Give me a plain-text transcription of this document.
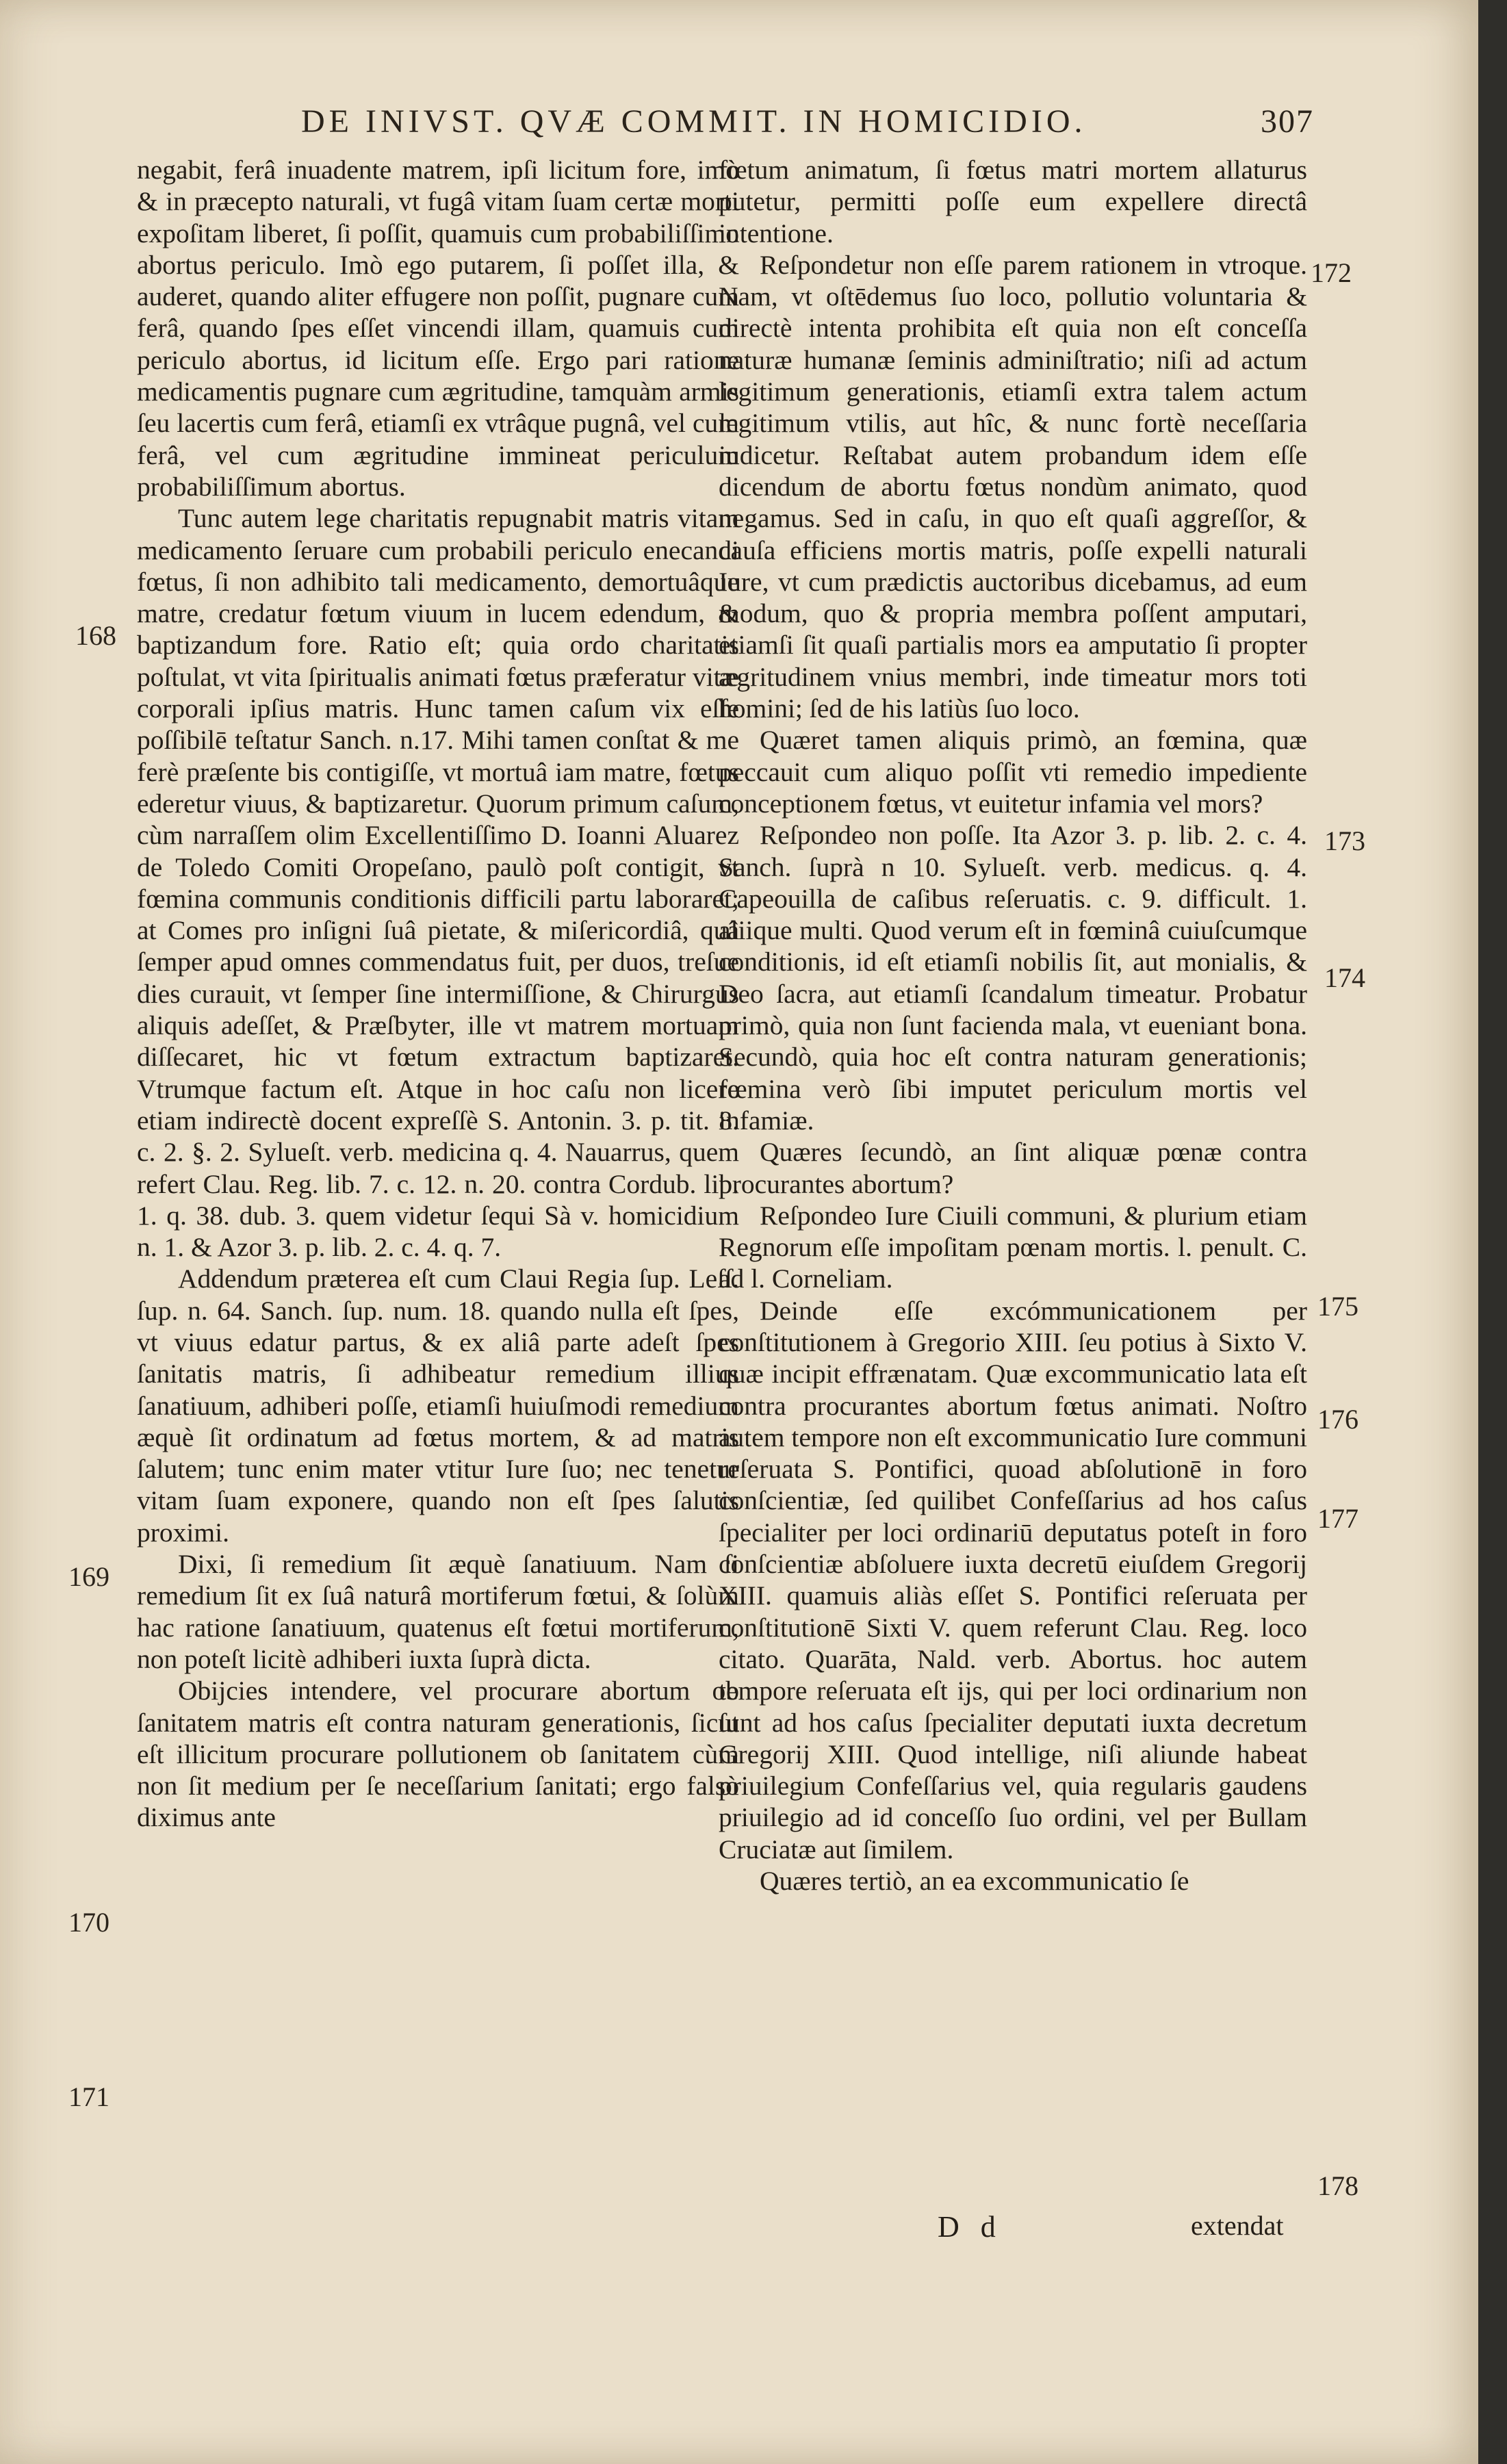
DE INIVST. QVÆ COMMIT. IN HOMICIDIO.	307

negabit, ferâ inuadente matrem, ipſi licitum fore, imò & in præcepto naturali, vt fugâ vitam ſuam certæ morti expoſitam liberet, ſi poſſit, quamuis cum probabiliſſimo abortus periculo. Imò ego putarem, ſi poſſet illa, & auderet, quando aliter effugere non poſſit, pugnare cum ferâ, quando ſpes eſſet vincendi illam, quamuis cum periculo abortus, id licitum eſſe. Ergo pari ratione medicamentis pugnare cum ægritudine, tamquàm armis ſeu lacertis cum ferâ, etiamſi ex vtrâque pugnâ, vel cum ferâ, vel cum ægritudine immineat periculum probabiliſſimum abortus.

Tunc autem lege charitatis repugnabit matris vitam medicamento ſeruare cum probabili periculo enecandi fœtus, ſi non adhibito tali medicamento, demortuâque matre, credatur fœtum viuum in lucem edendum, & baptizandum fore. Ratio eſt; quia ordo charitatis poſtulat, vt vita ſpiritualis animati fœtus præferatur vitæ corporali ipſius matris. Hunc tamen caſum vix eſſe poſſibilē teſtatur Sanch. n.17. Mihi tamen conſtat & me ferè præſente bis contigiſſe, vt mortuâ iam matre, fœtus ederetur viuus, & baptizaretur. Quorum primum caſum, cùm narraſſem olim Excellentiſſimo D. Ioanni Aluarez de Toledo Comiti Oropeſano, paulò poſt contigit, vt fœmina communis conditionis difficili partu laboraret; at Comes pro inſigni ſuâ pietate, & miſericordiâ, quâ ſemper apud omnes commendatus fuit, per duos, treſue dies curauit, vt ſemper ſine intermiſſione, & Chirurgus aliquis adeſſet, & Præſbyter, ille vt matrem mortuam diſſecaret, hic vt fœtum extractum baptizaret. Vtrumque factum eſt. Atque in hoc caſu non licere etiam indirectè docent expreſſè S. Antonin. 3. p. tit. 8. c. 2. §. 2. Sylueſt. verb. medicina q. 4. Nauarrus, quem refert Clau. Reg. lib. 7. c. 12. n. 20. contra Cordub. lib. 1. q. 38. dub. 3. quem videtur ſequi Sà v. homicidium n. 1. & Azor 3. p. lib. 2. c. 4. q. 7.

Addendum præterea eſt cum Claui Regia ſup. Leſſ. ſup. n. 64. Sanch. ſup. num. 18. quando nulla eſt ſpes, vt viuus edatur partus, & ex aliâ parte adeſt ſpes ſanitatis matris, ſi adhibeatur remedium illius ſanatiuum, adhiberi poſſe, etiamſi huiuſmodi remedium æquè ſit ordinatum ad fœtus mortem, & ad matris ſalutem; tunc enim mater vtitur Iure ſuo; nec tenetur vitam ſuam exponere, quando non eſt ſpes ſalutis proximi.

Dixi, ſi remedium ſit æquè ſanatiuum. Nam ſi remedium ſit ex ſuâ naturâ mortiferum fœtui, & ſolùm hac ratione ſanatiuum, quatenus eſt fœtui mortiferum, non poteſt licitè adhiberi iuxta ſuprà dicta.

Obijcies intendere, vel procurare abortum ob ſanitatem matris eſt contra naturam generationis, ſicut eſt illicitum procurare pollutionem ob ſanitatem cùm non ſit medium per ſe neceſſarium ſanitati; ergo falsò diximus ante

fœtum animatum, ſi fœtus matri mortem allaturus putetur, permitti poſſe eum expellere directâ intentione.

Reſpondetur non eſſe parem rationem in vtroque. Nam, vt oſtēdemus ſuo loco, pollutio voluntaria & directè intenta prohibita eſt quia non eſt conceſſa naturæ humanæ ſeminis adminiſtratio; niſi ad actum legitimum generationis, etiamſi extra talem actum legitimum vtilis, aut hîc, & nunc fortè neceſſaria iudicetur. Reſtabat autem probandum idem eſſe dicendum de abortu fœtus nondùm animato, quod negamus. Sed in caſu, in quo eſt quaſi aggreſſor, & cauſa efficiens mortis matris, poſſe expelli naturali Iure, vt cum prædictis auctoribus dicebamus, ad eum modum, quo & propria membra poſſent amputari, etiamſi ſit quaſi partialis mors ea amputatio ſi propter ægritudinem vnius membri, inde timeatur mors toti homini; ſed de his latiùs ſuo loco.

Quæret tamen aliquis primò, an fœmina, quæ peccauit cum aliquo poſſit vti remedio impediente conceptionem fœtus, vt euitetur infamia vel mors?

Reſpondeo non poſſe. Ita Azor 3. p. lib. 2. c. 4. Sanch. ſuprà n 10. Sylueſt. verb. medicus. q. 4. Capeouilla de caſibus reſeruatis. c. 9. difficult. 1. aliique multi. Quod verum eſt in fœminâ cuiuſcumque conditionis, id eſt etiamſi nobilis ſit, aut monialis, & Deo ſacra, aut etiamſi ſcandalum timeatur. Probatur primò, quia non ſunt facienda mala, vt eueniant bona. Secundò, quia hoc eſt contra naturam generationis; fœmina verò ſibi imputet periculum mortis vel infamiæ.

Quæres ſecundò, an ſint aliquæ pœnæ contra procurantes abortum?

Reſpondeo Iure Ciuili communi, & plurium etiam Regnorum eſſe impoſitam pœnam mortis. l. penult. C. ad l. Corneliam.

Deinde eſſe excómmunicationem per conſtitutionem à Gregorio XIII. ſeu potius à Sixto V. quæ incipit effrænatam. Quæ excommunicatio lata eſt contra procurantes abortum fœtus animati. Noſtro autem tempore non eſt excommunicatio Iure communi reſeruata S. Pontifici, quoad abſolutionē in foro conſcientiæ, ſed quilibet Confeſſarius ad hos caſus ſpecialiter per loci ordinariū deputatus poteſt in foro conſcientiæ abſoluere iuxta decretū eiuſdem Gregorij XIII. quamuis aliàs eſſet S. Pontifici reſeruata per conſtitutionē Sixti V. quem referunt Clau. Reg. loco citato. Quarāta, Nald. verb. Abortus. hoc autem tempore reſeruata eſt ijs, qui per loci ordinarium non ſunt ad hos caſus ſpecialiter deputati iuxta decretum Gregorij XIII. Quod intellige, niſi aliunde habeat priuilegium Confeſſarius vel, quia regularis gaudens priuilegio ad id conceſſo ſuo ordini, vel per Bullam Cruciatæ aut ſimilem.

Quæres tertiò, an ea excommunicatio ſe

168
169
170
171
172
173
174
175
176
177
178
D d	extendat
